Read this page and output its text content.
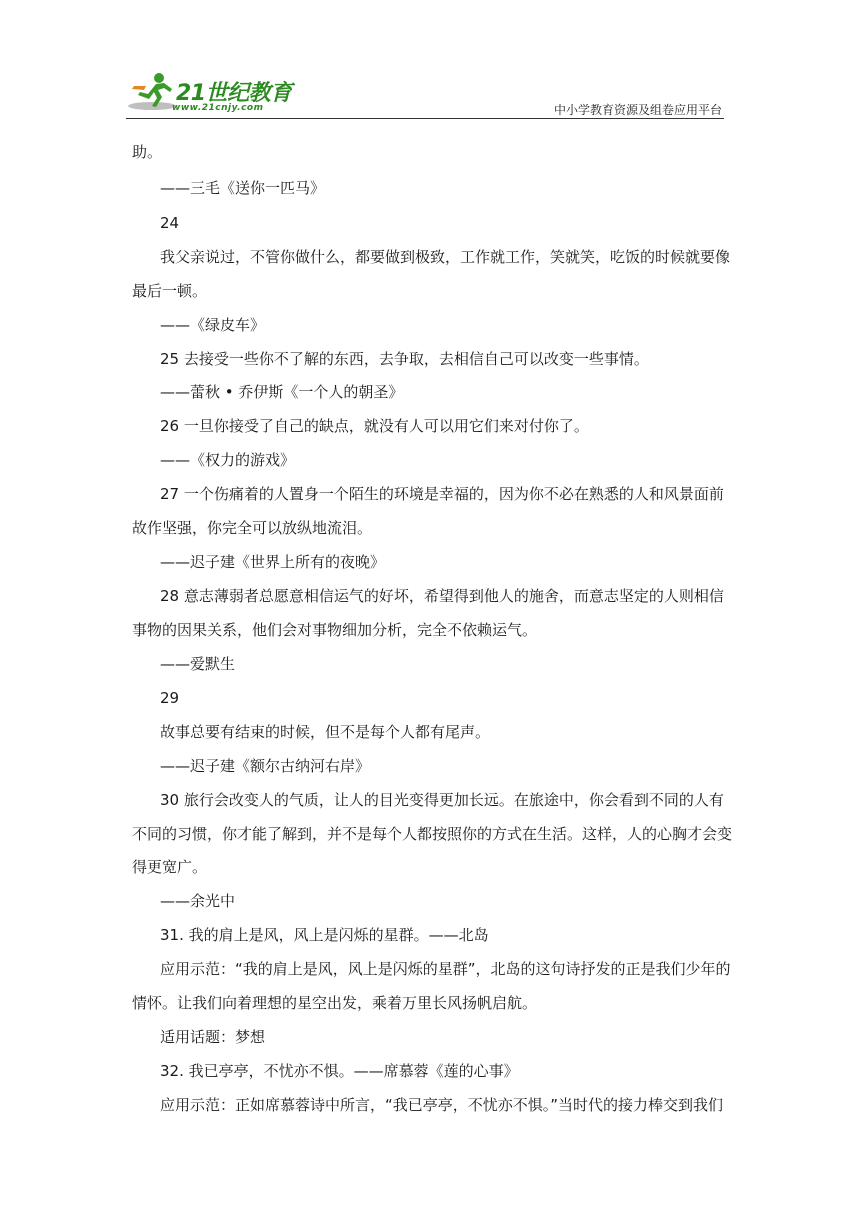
21世纪教育
www.21cnjy.com	中小学教育资源及组卷应用平台
助。
——三毛《送你一匹马》
24
我父亲说过，不管你做什么，都要做到极致，工作就工作，笑就笑，吃饭的时候就要像
最后一顿。
——《绿皮车》
25 去接受一些你不了解的东西，去争取，去相信自己可以改变一些事情。
——蕾秋 • 乔伊斯《一个人的朝圣》
26 一旦你接受了自己的缺点，就没有人可以用它们来对付你了。
——《权力的游戏》
27 一个伤痛着的人置身一个陌生的环境是幸福的，因为你不必在熟悉的人和风景面前
故作坚强，你完全可以放纵地流泪。
——迟子建《世界上所有的夜晚》
28 意志薄弱者总愿意相信运气的好坏，希望得到他人的施舍，而意志坚定的人则相信
事物的因果关系，他们会对事物细加分析，完全不依赖运气。
——爱默生
29
故事总要有结束的时候，但不是每个人都有尾声。
——迟子建《额尔古纳河右岸》
30 旅行会改变人的气质，让人的目光变得更加长远。在旅途中，你会看到不同的人有
不同的习惯，你才能了解到，并不是每个人都按照你的方式在生活。这样，人的心胸才会变
得更宽广。
——余光中
31. 我的肩上是风，风上是闪烁的星群。——北岛
应用示范：“我的肩上是风，风上是闪烁的星群”，北岛的这句诗抒发的正是我们少年的
情怀。让我们向着理想的星空出发，乘着万里长风扬帆启航。
适用话题：梦想
32. 我已亭亭，不忧亦不惧。——席慕蓉《莲的心事》
应用示范：正如席慕蓉诗中所言，“我已亭亭，不忧亦不惧。”当时代的接力棒交到我们
